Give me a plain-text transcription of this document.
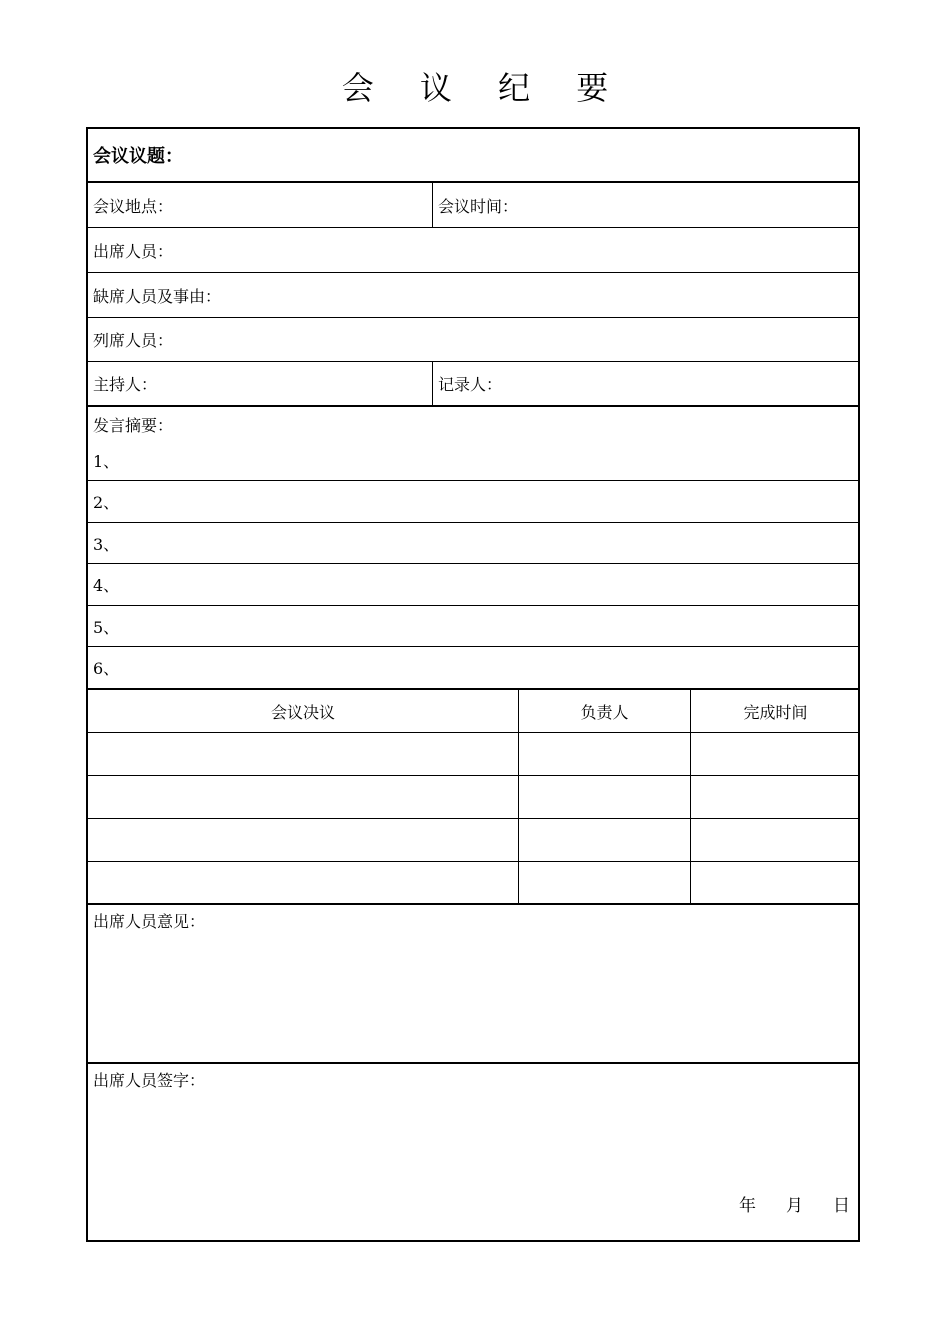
会 议 纪 要
会议议题：
会议地点：	会议时间：
出席人员：
缺席人员及事由：
列席人员：
主持人：	记录人：
发言摘要：
1、
2、
3、
4、
5、
6、
会议决议	负责人	完成时间
出席人员意见：
出席人员签字：
年 月 日
